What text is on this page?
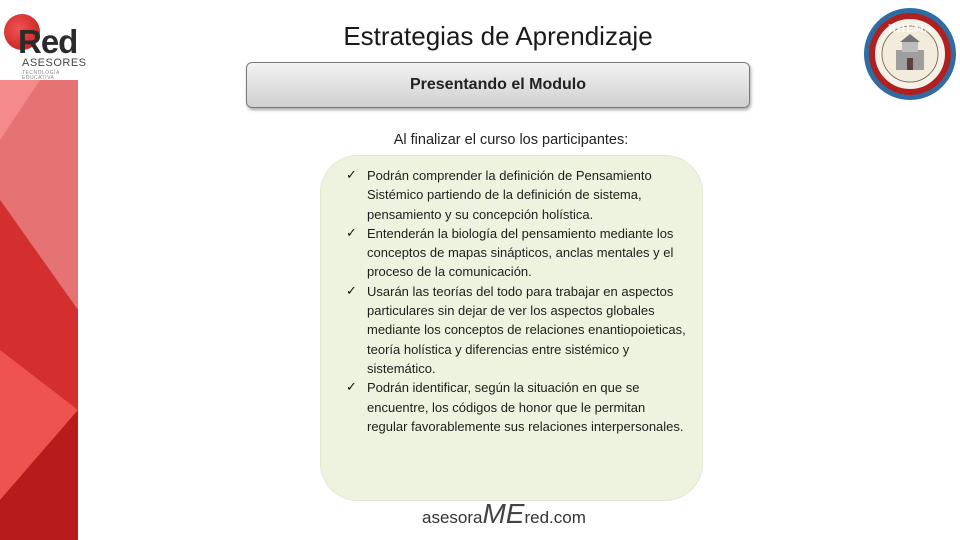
Red
ASESORES
TECNOLOGÍA EDUCATIVA
RHEMA
Estrategias de Aprendizaje
Presentando el Modulo
Al finalizar el curso los participantes:
✓ Podrán comprender la definición de Pensamiento Sistémico partiendo de la definición de sistema, pensamiento y su concepción holística.
✓ Entenderán la biología del pensamiento mediante los conceptos de mapas sinápticos, anclas mentales y el proceso de la comunicación.
✓ Usarán las teorías del todo para trabajar en aspectos particulares sin dejar de ver los aspectos globales mediante los conceptos de relaciones enantiopoieticas, teoría holística y diferencias entre sistémico y sistemático.
✓ Podrán identificar, según la situación en que se encuentre, los códigos de honor que le permitan regular favorablemente sus relaciones interpersonales.
asesora ME red.com
